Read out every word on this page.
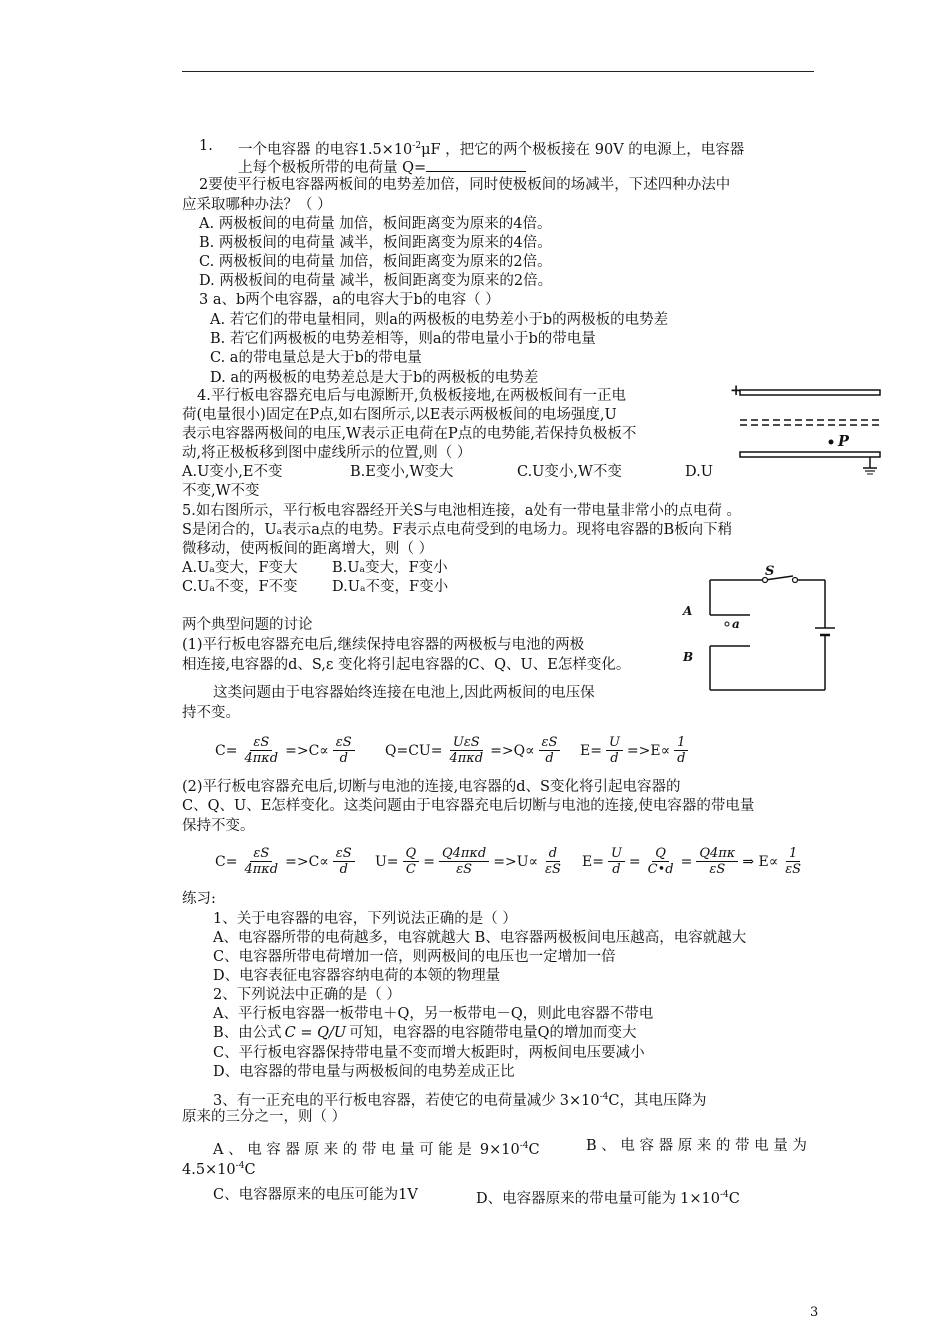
1. 一个电容器 的电容$1.5\times 10^{-2}\mu F$ ，把它的两个极板接在 90V 的电源上，电容器
上每个极板所带的电荷量 Q=
2要使平行板电容器两板间的电势差加倍，同时使极板间的场减半，下述四种办法中
应采取哪种办法？（ ）
A. 两极板间的电荷量 加倍，板间距离变为原来的4倍。
B. 两极板间的电荷量 减半，板间距离变为原来的4倍。
C. 两极板间的电荷量 加倍，板间距离变为原来的2倍。
D. 两极板间的电荷量 减半，板间距离变为原来的2倍。
3 a、b两个电容器，a的电容大于b的电容（ ）
A. 若它们的带电量相同，则a的两极板的电势差小于b的两极板的电势差
B. 若它们两极板的电势差相等，则a的带电量小于b的带电量
C. a的带电量总是大于b的带电量
D. a的两极板的电势差总是大于b的两极板的电势差
4.平行板电容器充电后与电源断开,负极板接地,在两极板间有一正电
荷(电量很小)固定在P点,如右图所示,以E表示两极板间的电场强度,U
表示电容器两极间的电压,W表示正电荷在P点的电势能,若保持负极板不
动,将正极板移到图中虚线所示的位置,则（ ）
A.U变小,E不变	B.E变小,W变大	C.U变小,W不变	D.U
不变,W不变
+
P
5.如右图所示，平行板电容器经开关S与电池相连接，a处有一带电量非常小的点电荷 。
S是闭合的，Uₐ表示a点的电势。F表示点电荷受到的电场力。现将电容器的B板向下稍
微移动，使两板间的距离增大，则（ ）
A.Uₐ变大，F变大 B.Uₐ变大，F变小
C.Uₐ不变，F不变 D.Uₐ不变，F变小
S
A
B
a
两个典型问题的讨论
(1)平行板电容器充电后,继续保持电容器的两极板与电池的两极
相连接,电容器的d、S,ε 变化将引起电容器的C、Q、U、E怎样变化。
这类问题由于电容器始终连接在电池上,因此两板间的电压保
持不变。
$C= \frac{\varepsilon S}{\text{4πκd}} =>C\propto \frac{\varepsilon S}{d} Q=CU= \frac{\text{UεS}}{\text{4πκd}} =>Q\propto \frac{\varepsilon S}{d} E= \frac{U}{d} =>E\propto \frac{1}{d}$
(2)平行板电容器充电后,切断与电池的连接,电容器的d、S变化将引起电容器的
C、Q、U、E怎样变化。这类问题由于电容器充电后切断与电池的连接,使电容器的带电量
保持不变。
$C= \frac{\varepsilon S}{\text{4πκd}} =>C\propto \frac{\varepsilon S}{d} U= \frac{Q}{C} = \frac{\text{Q4πκd}}{\varepsilon S} =>U\propto \frac{d}{\varepsilon S} E= \frac{U}{d} = \frac{Q}{C•d} = \frac{Q4\pi\kappa}{\varepsilon S}$ ⇒ $E\propto \frac{1}{\varepsilon S}$
练习:
1、关于电容器的电容，下列说法正确的是（ ）
A、电容器所带的电荷越多，电容就越大 B、电容器两极板间电压越高，电容就越大
C、电容器所带电荷增加一倍，则两极间的电压也一定增加一倍
D、电容表征电容器容纳电荷的本领的物理量
2、下列说法中正确的是（ ）
A、平行板电容器一板带电＋Q，另一板带电－Q，则此电容器不带电
B、由公式 C = Q/U 可知，电容器的电容随带电量Q的增加而变大
C、平行板电容器保持带电量不变而增大板距时，两板间电压要减小
D、电容器的带电量与两极板间的电势差成正比
3、有一正充电的平行板电容器，若使它的电荷量减少 $3\times 10^{-4}C$，其电压降为
原来的三分之一，则（ ）
A 、 电 容 器 原 来 的 带 电 量 可 能 是 $9\times 10^{-4}C$	B 、 电 容 器 原 来 的 带 电 量 为
$4.5\times 10^{-4}C$
C、电容器原来的电压可能为1V	D、电容器原来的带电量可能为 $1\times 10^{-4}C$
3
